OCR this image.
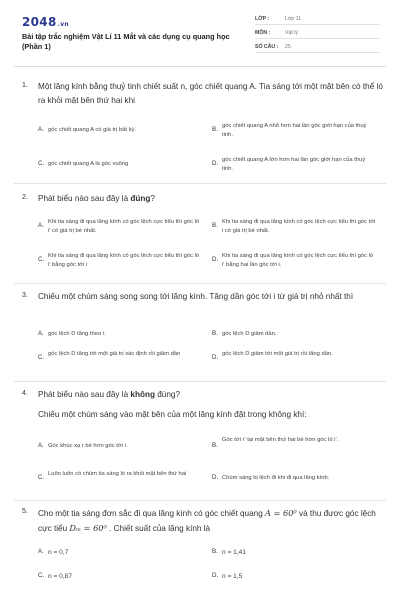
2048.vn
Bài tập trắc nghiệm Vật Lí 11 Mắt và các dụng cụ quang học (Phần 1)
LỚP :	Lớp 11
MÔN :	Vật lý
SỐ CÂU : 25
1. Một lăng kính bằng thuỷ tinh chiết suất n, góc chiết quang A. Tia sáng tới một mặt bên có thể ló ra khỏi mặt bên thứ hai khi
A. góc chiết quang A có giá trị bất kỳ.	B. góc chiết quang A nhỏ hơn hai lần góc giới hạn của thuỷ tinh.
C. góc chiết quang A là góc vuông	D. góc chiết quang A lớn hơn hai lần góc giới hạn của thuỷ tinh.
2. Phát biểu nào sau đây là đúng?
A. Khi tia sáng đi qua lăng kính có góc lệch cực tiểu thì góc ló i' có giá trị bé nhất.
B. Khi tia sáng đi qua lăng kính có góc lệch cực tiểu thì góc tới i có giá trị bé nhất.
C. Khi tia sáng đi qua lăng kính có góc lệch cực tiểu thì góc ló i' bằng góc tới i
D. Khi tia sáng đi qua lăng kính có góc lệch cực tiểu thì góc ló i' bằng hai lần góc tới i.
3. Chiếu một chùm sáng song song tới lăng kính. Tăng dần góc tới i từ giá trị nhỏ nhất thì
A. góc lệch D tăng theo i.	B. góc lệch D giảm dần.
C. góc lệch D tăng tới một giá trị xác định rồi giảm dần	D. góc lệch D giảm tới một giá trị rồi tăng dần.
4. Phát biểu nào sau đây là không đúng?
Chiếu một chùm sáng vào mặt bên của một lăng kính đặt trong không khí:
A. Góc khúc xạ r bé hơn góc tới i.	B.
Góc tới r' tại mặt bên thứ hai bé hơn góc ló i'.
C. Luôn luôn có chùm tia sáng ló ra khỏi mặt bên thứ hai	D. Chùm sáng bị lệch đi khi đi qua lăng kính.
5. Cho một tia sáng đơn sắc đi qua lăng kính có góc chiết quang A = 60⁰ và thu được góc lệch cực tiểu Dₘ = 60⁰ . Chiết suất của lăng kính là
A. n = 0,7	B. n = 1,41
C. n = 0,87	D. n = 1,5
